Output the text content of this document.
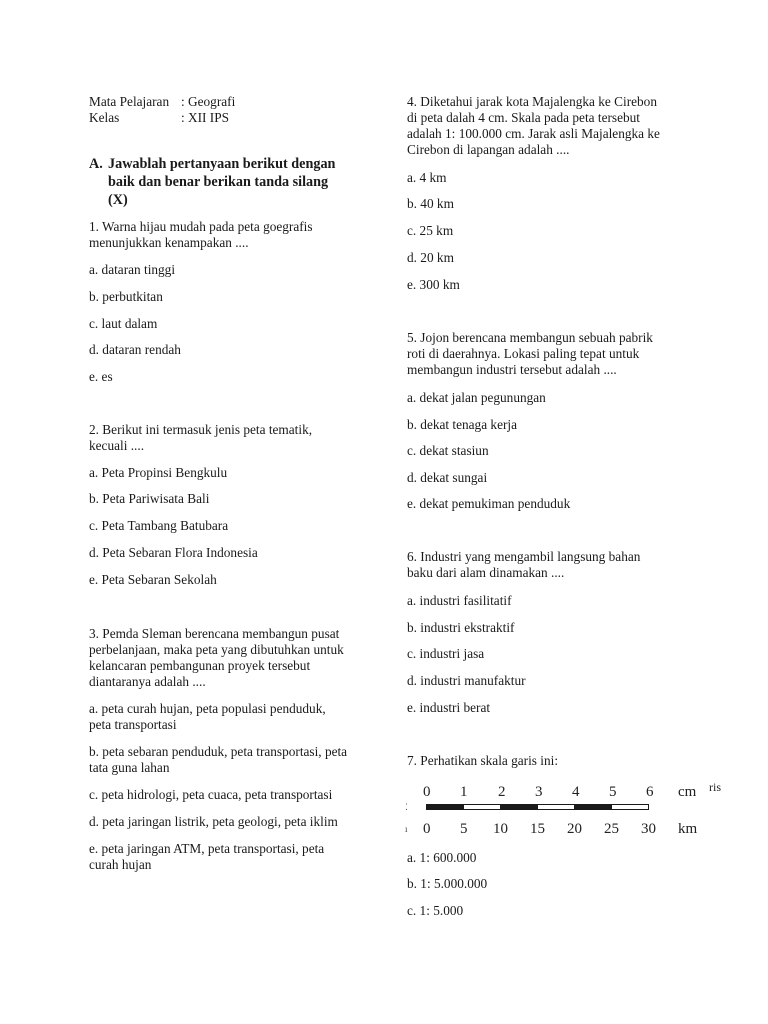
Mata Pelajaran : Geografi
Kelas	: XII IPS
A. Jawablah pertanyaan berikut dengan
baik dan benar berikan tanda silang
(X)
1. Warna hijau mudah pada peta goegrafis
menunjukkan kenampakan ....
a. dataran tinggi
b. perbutkitan
c. laut dalam
d. dataran rendah
e. es
2. Berikut ini termasuk jenis peta tematik,
kecuali ....
a. Peta Propinsi Bengkulu
b. Peta Pariwisata Bali
c. Peta Tambang Batubara
d. Peta Sebaran Flora Indonesia
e. Peta Sebaran Sekolah
3. Pemda Sleman berencana membangun pusat
perbelanjaan, maka peta yang dibutuhkan untuk
kelancaran pembangunan proyek tersebut
diantaranya adalah ....
a. peta curah hujan, peta populasi penduduk,
peta transportasi
b. peta sebaran penduduk, peta transportasi, peta
tata guna lahan
c. peta hidrologi, peta cuaca, peta transportasi
d. peta jaringan listrik, peta geologi, peta iklim
e. peta jaringan ATM, peta transportasi, peta
curah hujan
4. Diketahui jarak kota Majalengka ke Cirebon
di peta dalah 4 cm. Skala pada peta tersebut
adalah 1: 100.000 cm. Jarak asli Majalengka ke
Cirebon di lapangan adalah ....
a. 4 km
b. 40 km
c. 25 km
d. 20 km
e. 300 km
5. Jojon berencana membangun sebuah pabrik
roti di daerahnya. Lokasi paling tepat untuk
membangun industri tersebut adalah ....
a. dekat jalan pegunungan
b. dekat tenaga kerja
c. dekat stasiun
d. dekat sungai
e. dekat pemukiman penduduk
6. Industri yang mengambil langsung bahan
baku dari alam dinamakan ....
a. industri fasilitatif
b. industri ekstraktif
c. industri jasa
d. industri manufaktur
e. industri berat
7. Perhatikan skala garis ini:
0 1 2 3 4 5 6 cm ris
⁚
ı 0 5 10 15 20 25 30 km
a. 1: 600.000
b. 1: 5.000.000
c. 1: 5.000
